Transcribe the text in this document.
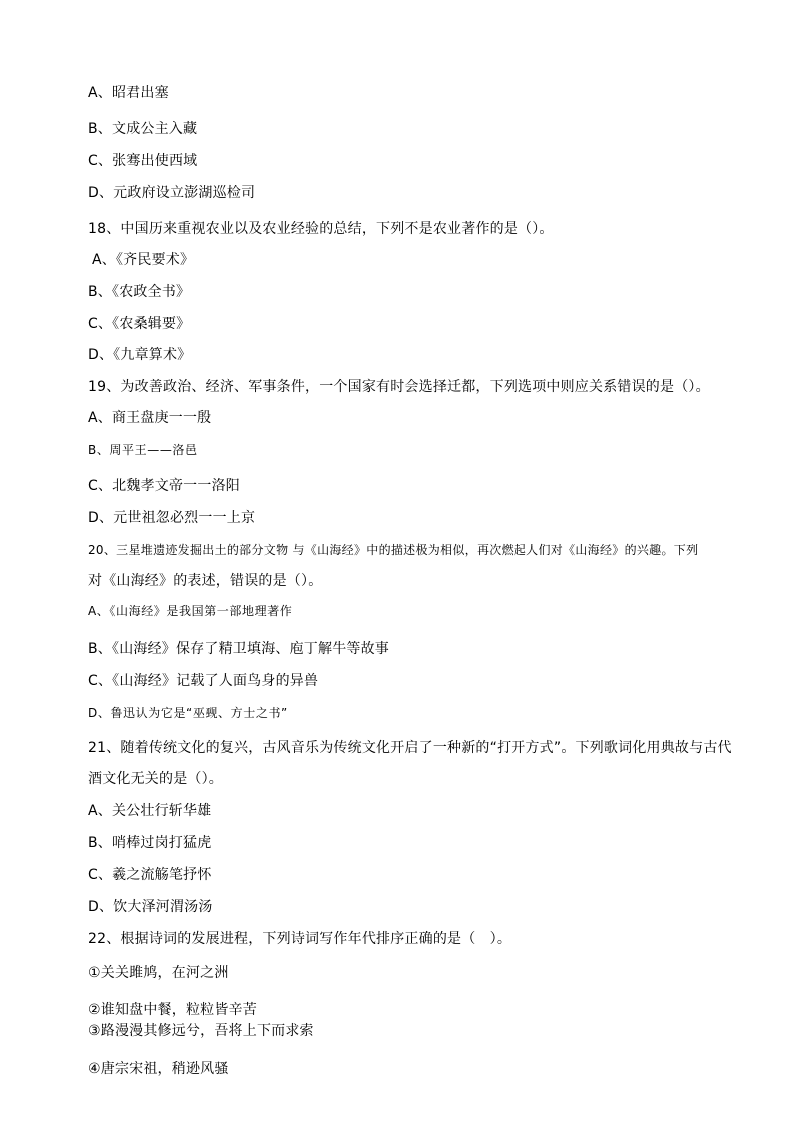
A、昭君出塞
B、文成公主入藏
C、张骞出使西域
D、元政府设立澎湖巡检司
18、中国历来重视农业以及农业经验的总结，下列不是农业著作的是（）。
A、《齐民要术》
B、《农政全书》
C、《农桑辑要》
D、《九章算术》
19、为改善政治、经济、军事条件，一个国家有时会选择迁都，下列选项中则应关系错误的是（）。
A、商王盘庚一一殷
B、周平王——洛邑
C、北魏孝文帝一一洛阳
D、元世祖忽必烈一一上京
20、三星堆遗迹发掘出土的部分文物 与《山海经》中的描述极为相似，再次燃起人们对《山海经》的兴趣。下列
对《山海经》的表述，错误的是（）。
A、《山海经》是我国第一部地理著作
B、《山海经》保存了精卫填海、庖丁解牛等故事
C、《山海经》记载了人面鸟身的异兽
D、鲁迅认为它是“巫觋、方士之书”
21、随着传统文化的复兴，古风音乐为传统文化开启了一种新的“打开方式”。下列歌词化用典故与古代
酒文化无关的是（）。
A、关公壮行斩华雄
B、哨棒过岗打猛虎
C、羲之流觞笔抒怀
D、饮大泽河渭汤汤
22、根据诗词的发展进程，下列诗词写作年代排序正确的是（　）。
①关关雎鸠，在河之洲
②谁知盘中餐，粒粒皆辛苦
③路漫漫其修远兮，吾将上下而求索
④唐宗宋祖，稍逊风骚
